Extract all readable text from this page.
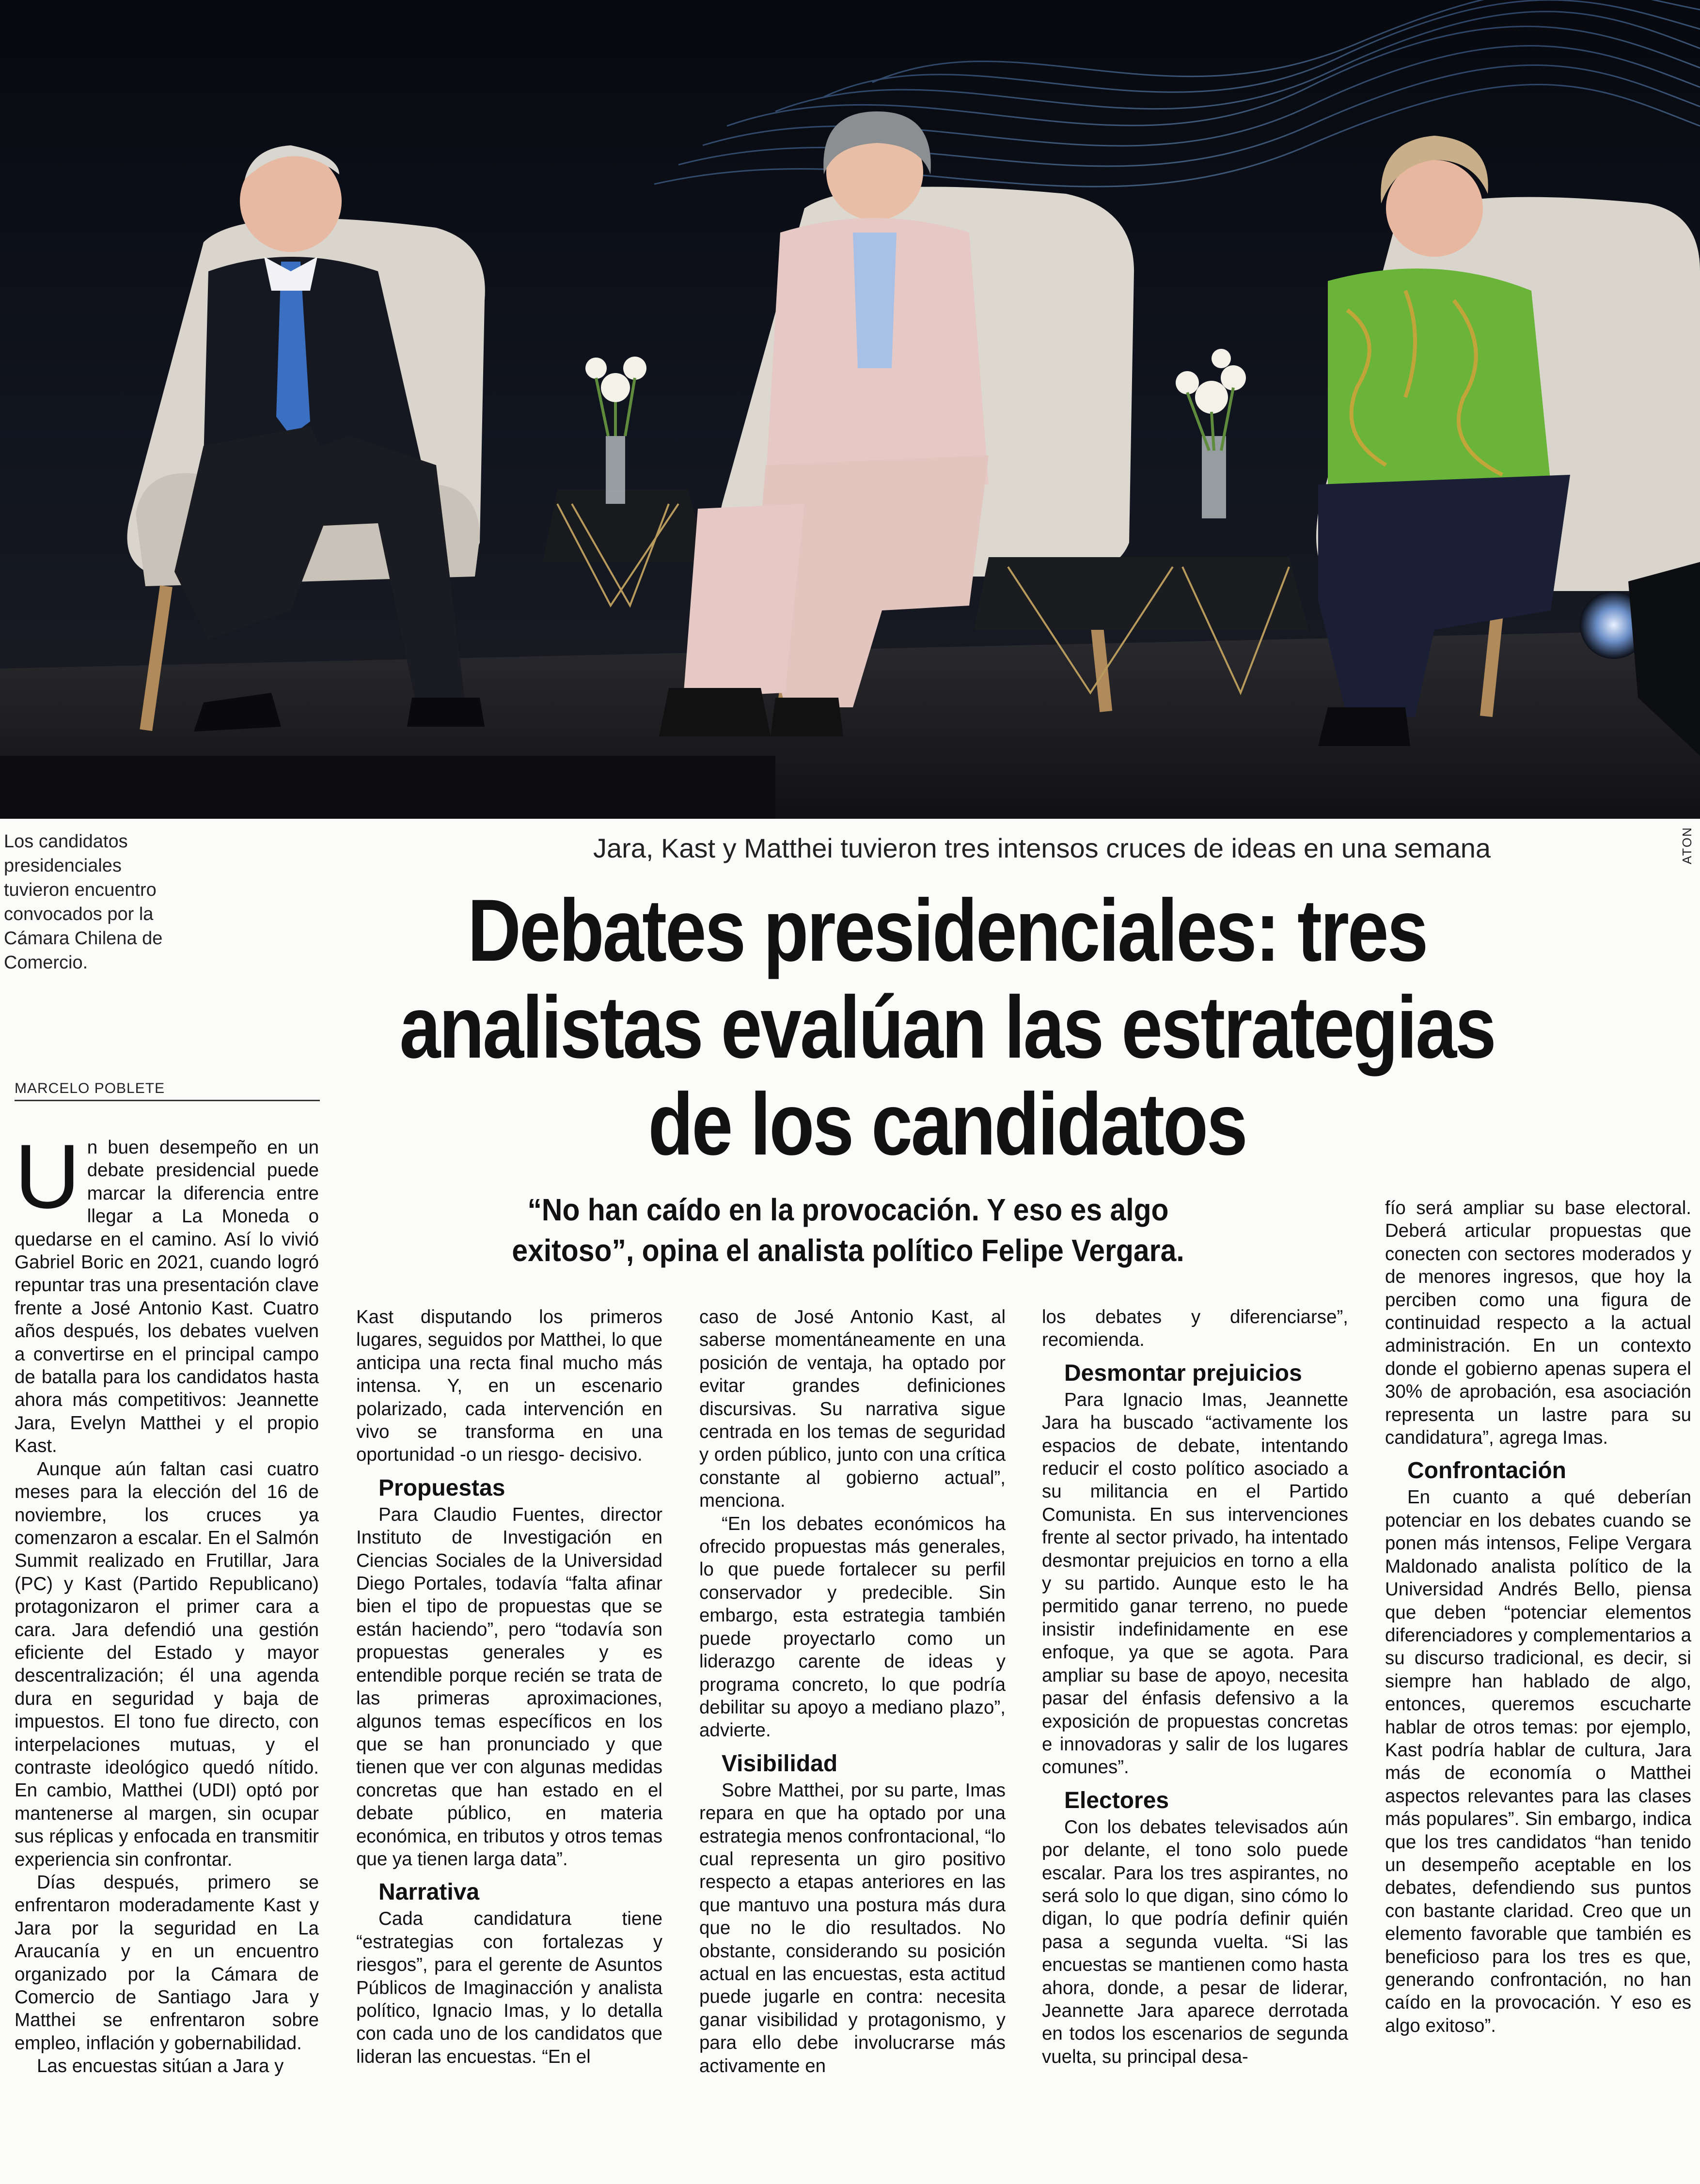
ATON
Los candidatos presidenciales tuvieron encuentro convocados por la Cámara Chilena de Comercio.
Jara, Kast y Matthei tuvieron tres intensos cruces de ideas en una semana
Debates presidenciales: tres
analistas evalúan las estrategias
de los candidatos
MARCELO POBLETE
“No han caído en la provocación. Y eso es algo exitoso”, opina el analista político Felipe Vergara.

Un buen desempeño en un debate presidencial puede marcar la diferencia entre llegar a La Moneda o quedarse en el camino. Así lo vivió Gabriel Boric en 2021, cuando logró repuntar tras una presentación clave frente a José Antonio Kast. Cuatro años después, los debates vuelven a convertirse en el principal campo de batalla para los candidatos hasta ahora más competitivos: Jeannette Jara, Evelyn Matthei y el propio Kast.

Aunque aún faltan casi cuatro meses para la elección del 16 de noviembre, los cruces ya comenzaron a escalar. En el Salmón Summit realizado en Frutillar, Jara (PC) y Kast (Partido Republicano) protagonizaron el primer cara a cara. Jara defendió una gestión eficiente del Estado y mayor descentralización; él una agenda dura en seguridad y baja de impuestos. El tono fue directo, con interpelaciones mutuas, y el contraste ideológico quedó nítido. En cambio, Matthei (UDI) optó por mantenerse al margen, sin ocupar sus réplicas y enfocada en transmitir experiencia sin confrontar.

Días después, primero se enfrentaron moderadamente Kast y Jara por la seguridad en La Araucanía y en un encuentro organizado por la Cámara de Comercio de Santiago Jara y Matthei se enfrentaron sobre empleo, inflación y gobernabilidad.

Las encuestas sitúan a Jara y

Kast disputando los primeros lugares, seguidos por Matthei, lo que anticipa una recta final mucho más intensa. Y, en un escenario polarizado, cada intervención en vivo se transforma en una oportunidad -o un riesgo- decisivo.

Propuestas

Para Claudio Fuentes, director Instituto de Investigación en Ciencias Sociales de la Universidad Diego Portales, todavía “falta afinar bien el tipo de propuestas que se están haciendo”, pero “todavía son propuestas generales y es entendible porque recién se trata de las primeras aproximaciones, algunos temas específicos en los que se han pronunciado y que tienen que ver con algunas medidas concretas que han estado en el debate público, en materia económica, en tributos y otros temas que ya tienen larga data”.

Narrativa

Cada candidatura tiene “estrategias con fortalezas y riesgos”, para el gerente de Asuntos Públicos de Imaginacción y analista político, Ignacio Imas, y lo detalla con cada uno de los candidatos que lideran las encuestas. “En el

caso de José Antonio Kast, al saberse momentáneamente en una posición de ventaja, ha optado por evitar grandes definiciones discursivas. Su narrativa sigue centrada en los temas de seguridad y orden público, junto con una crítica constante al gobierno actual”, menciona.

“En los debates económicos ha ofrecido propuestas más generales, lo que puede fortalecer su perfil conservador y predecible. Sin embargo, esta estrategia también puede proyectarlo como un liderazgo carente de ideas y programa concreto, lo que podría debilitar su apoyo a mediano plazo”, advierte.

Visibilidad

Sobre Matthei, por su parte, Imas repara en que ha optado por una estrategia menos confrontacional, “lo cual representa un giro positivo respecto a etapas anteriores en las que mantuvo una postura más dura que no le dio resultados. No obstante, considerando su posición actual en las encuestas, esta actitud puede jugarle en contra: necesita ganar visibilidad y protagonismo, y para ello debe involucrarse más activamente en

los debates y diferenciarse”, recomienda.

Desmontar prejuicios

Para Ignacio Imas, Jeannette Jara ha buscado “activamente los espacios de debate, intentando reducir el costo político asociado a su militancia en el Partido Comunista. En sus intervenciones frente al sector privado, ha intentado desmontar prejuicios en torno a ella y su partido. Aunque esto le ha permitido ganar terreno, no puede insistir indefinidamente en ese enfoque, ya que se agota. Para ampliar su base de apoyo, necesita pasar del énfasis defensivo a la exposición de propuestas concretas e innovadoras y salir de los lugares comunes”.

Electores

Con los debates televisados aún por delante, el tono solo puede escalar. Para los tres aspirantes, no será solo lo que digan, sino cómo lo digan, lo que podría definir quién pasa a segunda vuelta. “Si las encuestas se mantienen como hasta ahora, donde, a pesar de liderar, Jeannette Jara aparece derrotada en todos los escenarios de segunda vuelta, su principal desa-

fío será ampliar su base electoral. Deberá articular propuestas que conecten con sectores moderados y de menores ingresos, que hoy la perciben como una figura de continuidad respecto a la actual administración. En un contexto donde el gobierno apenas supera el 30% de aprobación, esa asociación representa un lastre para su candidatura”, agrega Imas.

Confrontación

En cuanto a qué deberían potenciar en los debates cuando se ponen más intensos, Felipe Vergara Maldonado analista político de la Universidad Andrés Bello, piensa que deben “potenciar elementos diferenciadores y complementarios a su discurso tradicional, es decir, si siempre han hablado de algo, entonces, queremos escucharte hablar de otros temas: por ejemplo, Kast podría hablar de cultura, Jara más de economía o Matthei aspectos relevantes para las clases más populares”. Sin embargo, indica que los tres candidatos “han tenido un desempeño aceptable en los debates, defendiendo sus puntos con bastante claridad. Creo que un elemento favorable que también es beneficioso para los tres es que, generando confrontación, no han caído en la provocación. Y eso es algo exitoso”.
